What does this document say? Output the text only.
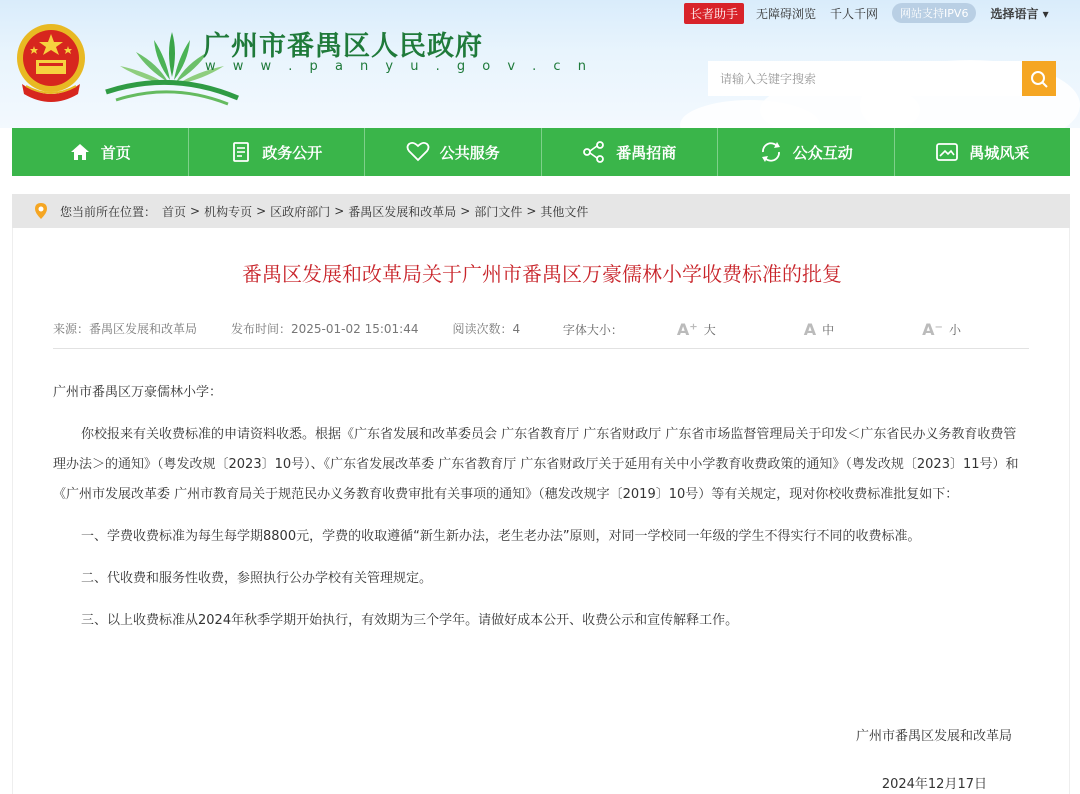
广州市番禺区人民政府
w w w . p a n y u . g o v . c n
长者助手	无障碍浏览 千人千网	网站支持IPV6	选择语言 ▾
请输入关键字搜索
首页	政务公开	公共服务	番禺招商	公众互动	禺城风采
您当前所在位置： 首页 > 机构专页 > 区政府部门 > 番禺区发展和改革局 > 部门文件 > 其他文件
番禺区发展和改革局关于广州市番禺区万豪儒林小学收费标准的批复
来源：番禺区发展和改革局	发布时间：2025-01-02 15:01:44	阅读次数：4	字体大小：	A⁺ 大	A 中	A⁻ 小

广州市番禺区万豪儒林小学：

你校报来有关收费标准的申请资料收悉。根据《广东省发展和改革委员会 广东省教育厅 广东省财政厅 广东省市场监督管理局关于印发＜广东省民办义务教育收费管理办法＞的通知》（粤发改规〔2023〕10号）、《广东省发展改革委 广东省教育厅 广东省财政厅关于延用有关中小学教育收费政策的通知》（粤发改规〔2023〕11号）和《广州市发展改革委 广州市教育局关于规范民办义务教育收费审批有关事项的通知》（穗发改规字〔2019〕10号）等有关规定，现对你校收费标准批复如下：

一、学费收费标准为每生每学期8800元，学费的收取遵循“新生新办法，老生老办法”原则，对同一学校同一年级的学生不得实行不同的收费标准。

二、代收费和服务性收费，参照执行公办学校有关管理规定。

三、以上收费标准从2024年秋季学期开始执行，有效期为三个学年。请做好成本公开、收费公示和宣传解释工作。

广州市番禺区发展和改革局
2024年12月17日
